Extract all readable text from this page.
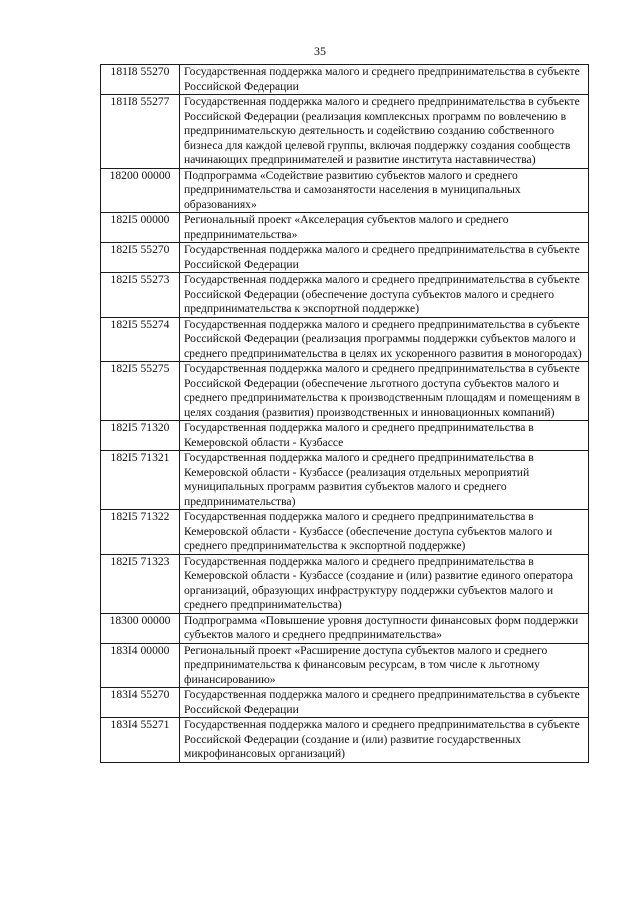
35
181I8 55270	Государственная поддержка малого и среднего предпринимательства в субъекте Российской Федерации
181I8 55277	Государственная поддержка малого и среднего предпринимательства в субъекте Российской Федерации (реализация комплексных программ по вовлечению в предпринимательскую деятельность и содействию созданию собственного бизнеса для каждой целевой группы, включая поддержку создания сообществ начинающих предпринимателей и развитие института наставничества)
18200 00000	Подпрограмма «Содействие развитию субъектов малого и среднего предпринимательства и самозанятости населения в муниципальных образованиях»
182I5 00000	Региональный проект «Акселерация субъектов малого и среднего предпринимательства»
182I5 55270	Государственная поддержка малого и среднего предпринимательства в субъекте Российской Федерации
182I5 55273	Государственная поддержка малого и среднего предпринимательства в субъекте Российской Федерации (обеспечение доступа субъектов малого и среднего предпринимательства к экспортной поддержке)
182I5 55274	Государственная поддержка малого и среднего предпринимательства в субъекте Российской Федерации (реализация программы поддержки субъектов малого и среднего предпринимательства в целях их ускоренного развития в моногородах)
182I5 55275	Государственная поддержка малого и среднего предпринимательства в субъекте Российской Федерации (обеспечение льготного доступа субъектов малого и среднего предпринимательства к производственным площадям и помещениям в целях создания (развития) производственных и инновационных компаний)
182I5 71320	Государственная поддержка малого и среднего предпринимательства в Кемеровской области - Кузбассе
182I5 71321	Государственная поддержка малого и среднего предпринимательства в Кемеровской области - Кузбассе (реализация отдельных мероприятий муниципальных программ развития субъектов малого и среднего предпринимательства)
182I5 71322	Государственная поддержка малого и среднего предпринимательства в Кемеровской области - Кузбассе (обеспечение доступа субъектов малого и среднего предпринимательства к экспортной поддержке)
182I5 71323	Государственная поддержка малого и среднего предпринимательства в Кемеровской области - Кузбассе (создание и (или) развитие единого оператора организаций, образующих инфраструктуру поддержки субъектов малого и среднего предпринимательства)
18300 00000	Подпрограмма «Повышение уровня доступности финансовых форм поддержки субъектов малого и среднего предпринимательства»
183I4 00000	Региональный проект «Расширение доступа субъектов малого и среднего предпринимательства к финансовым ресурсам, в том числе к льготному финансированию»
183I4 55270	Государственная поддержка малого и среднего предпринимательства в субъекте Российской Федерации
183I4 55271	Государственная поддержка малого и среднего предпринимательства в субъекте Российской Федерации (создание и (или) развитие государственных микрофинансовых организаций)
